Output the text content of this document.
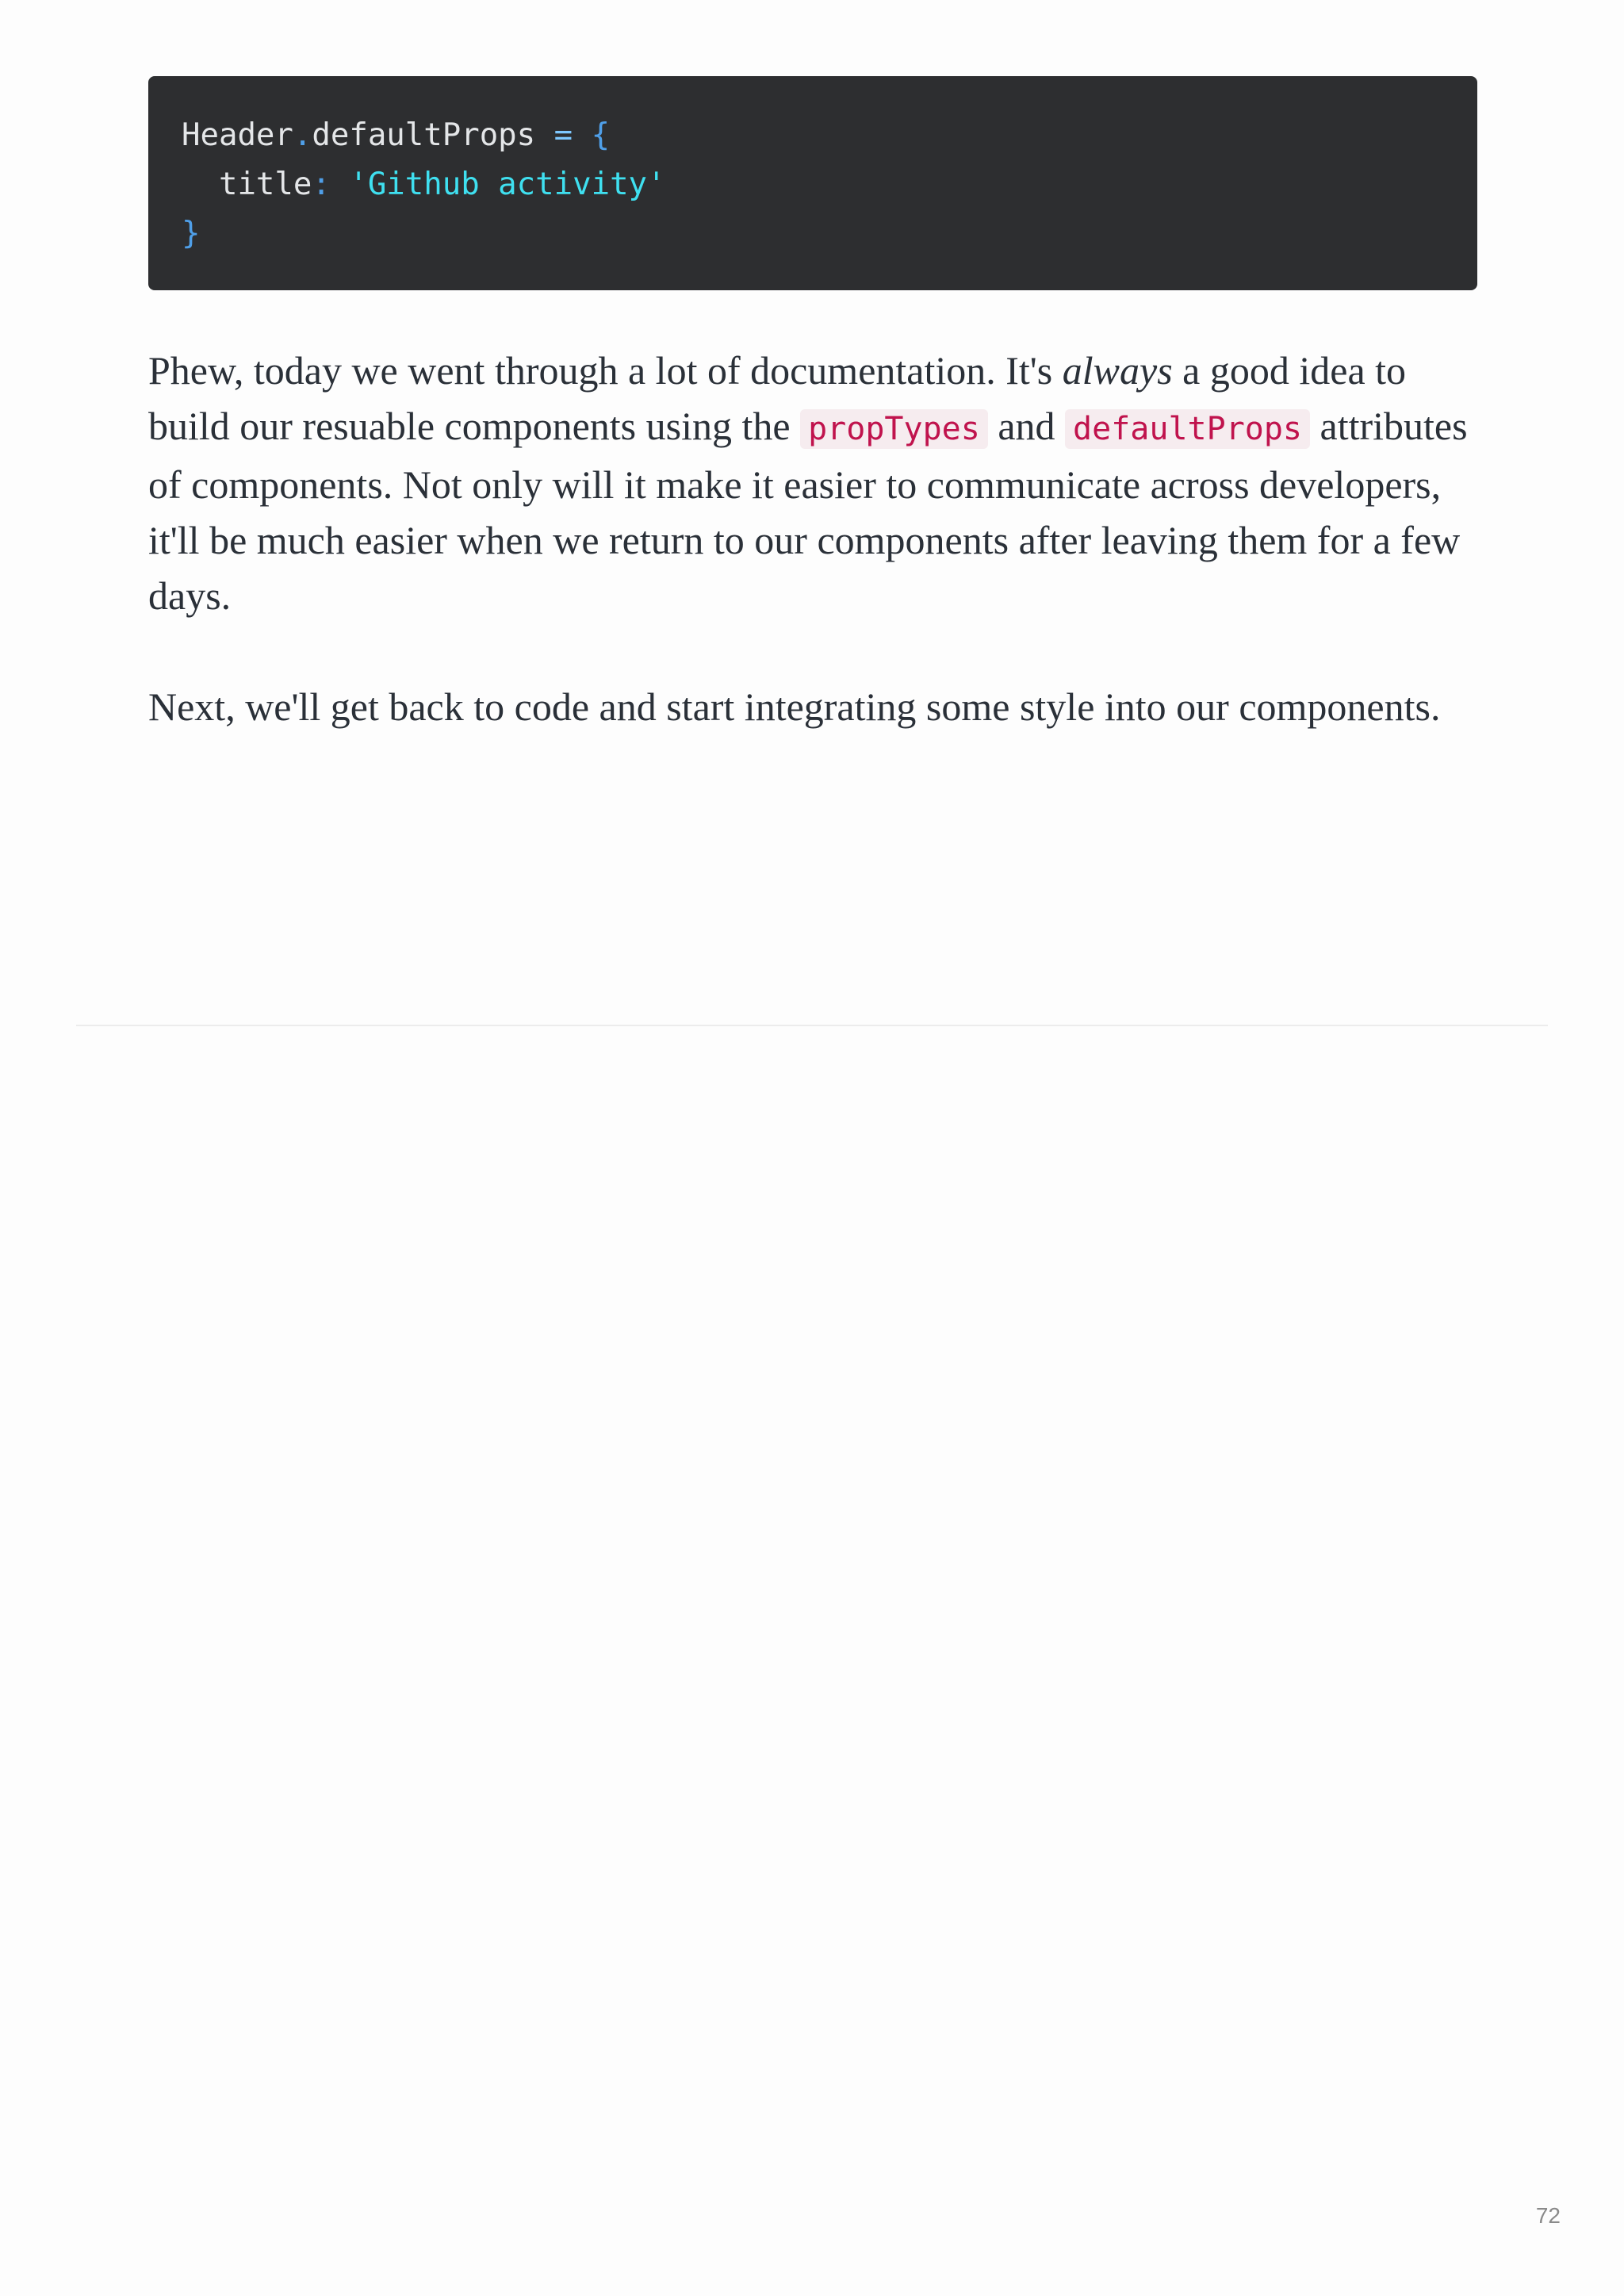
Header.defaultProps = {
title: 'Github activity'
}

Phew, today we went through a lot of documentation. It's always a good idea to build our resuable components using the propTypes and defaultProps attributes of components. Not only will it make it easier to communicate across developers, it'll be much easier when we return to our components after leaving them for a few days.

Next, we'll get back to code and start integrating some style into our components.

72
